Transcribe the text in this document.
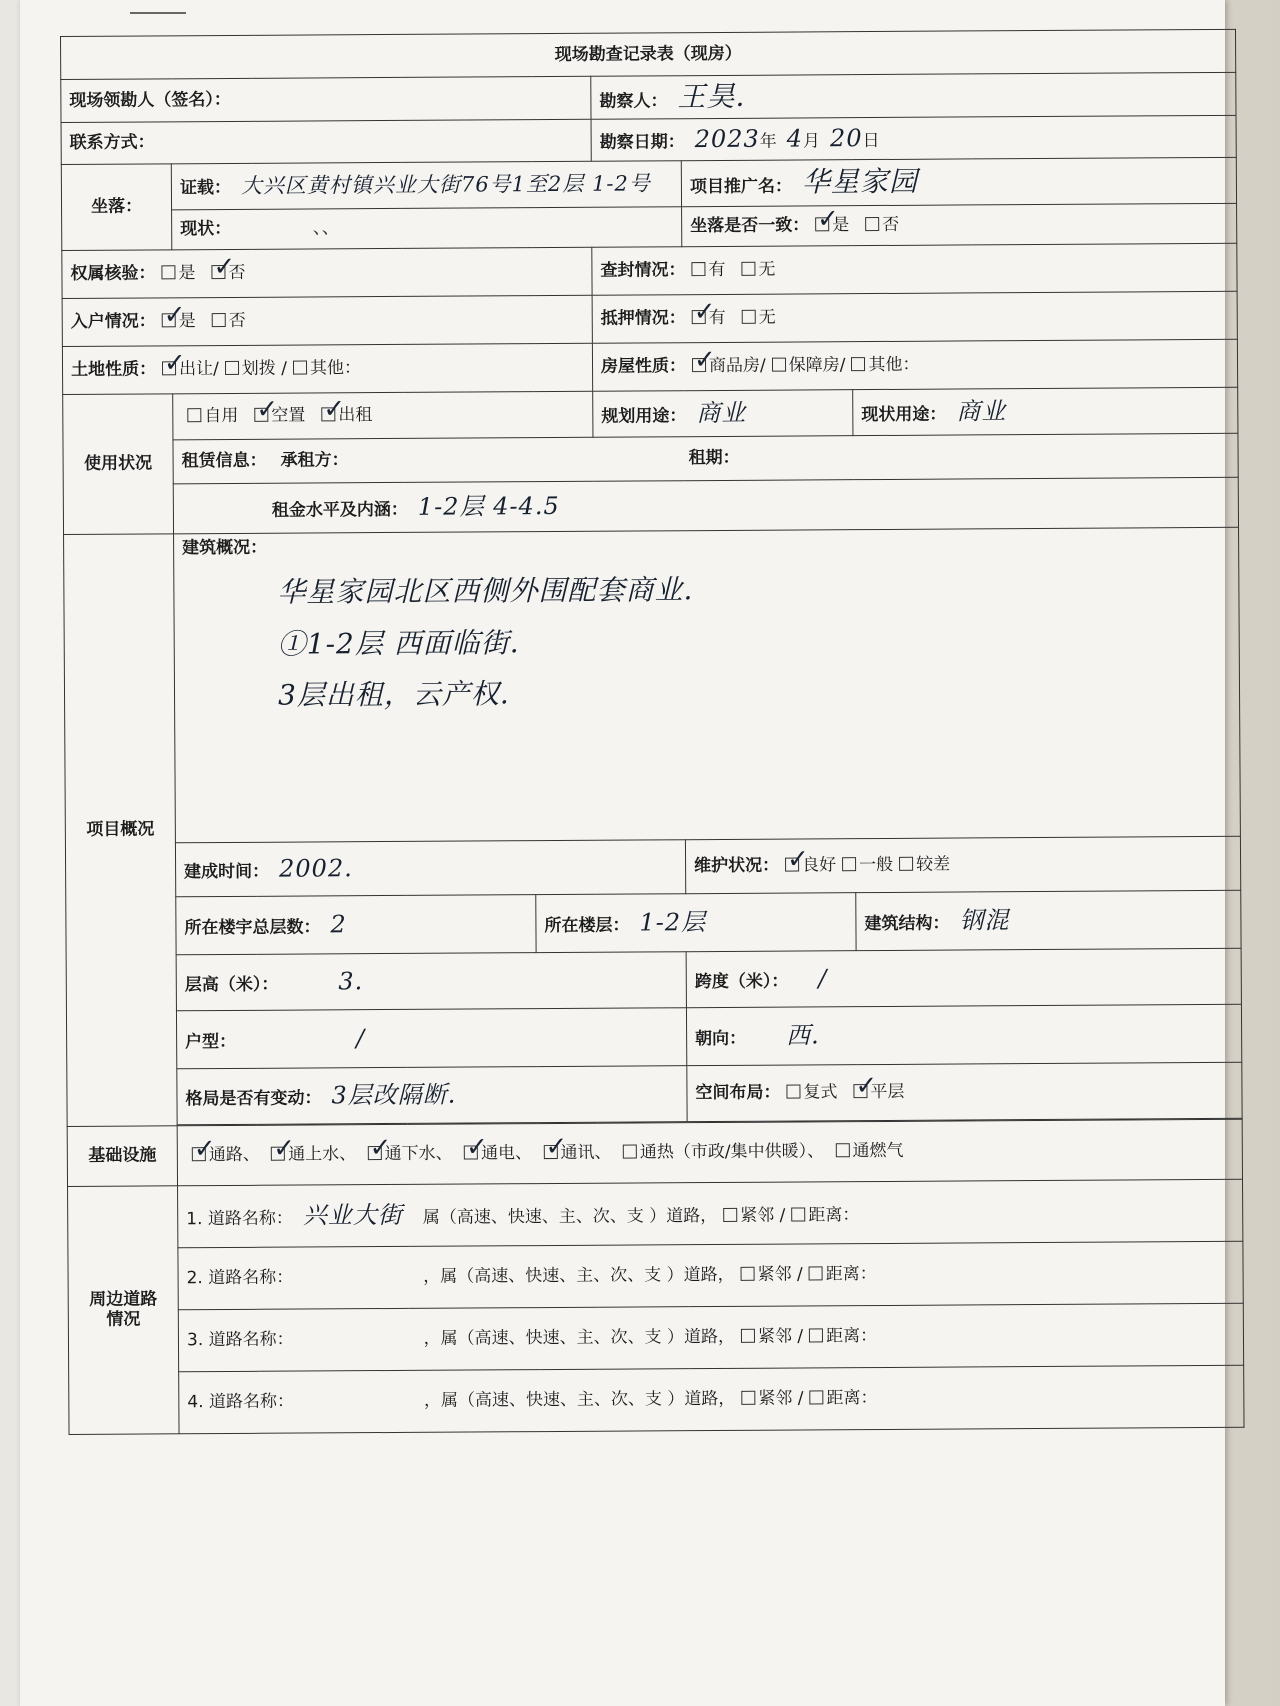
现场勘查记录表（现房）					
现场领勘人（签名）：			勘察人： 王昊.		
联系方式：			勘察日期： 2023年 4月 20日		
坐落：	证载： 大兴区黄村镇兴业大街76号1至2层 1-2号			项目推广名： 华星家园	
	现状： 、、			坐落是否一致： ✓ 是 否
权属核验： 是 ✓ 否			查封情况： 有 无		
入户情况： ✓ 是 否			抵押情况： ✓ 有 无
土地性质： ✓ 出让/ 划拨 / 其他：			房屋性质： ✓ 商品房/ 保障房/ 其他：
使用状况	自用 ✓ 空置 ✓ 出租		规划用途： 商业		现状用途： 商业
	租赁信息： 承租方： 租期：				
	租金水平及内涵： 1-2层 4-4.5				
项目概况	建筑概况：
华星家园北区西侧外围配套商业.
①1-2层 西面临街.
3层出租，云产权.				

	建成时间： 2002.			维护状况： ✓ 良好 一般 较差
	所在楼宇总层数： 2	所在楼层： 1-2层			建筑结构： 钢混
	层高（米）： 3.			跨度（米）： /	
	户型： /			朝向： 西.	
	格局是否有变动： 3层改隔断.			空间布局： 复式 ✓ 平层

基础设施	✓通路、 ✓ 通上水、 ✓ 通下水、 ✓ 通电、 ✓ 通讯、 通热（市政/集中供暖）、 通燃气
周边道路
情况	1. 道路名称： 兴业大街 属（高速、快速、主、次、支 ）道路， 紧邻 / 距离：				
	2. 道路名称： ，属（高速、快速、主、次、支 ）道路， 紧邻 / 距离：				
	3. 道路名称： ，属（高速、快速、主、次、支 ）道路， 紧邻 / 距离：				
	4. 道路名称： ，属（高速、快速、主、次、支 ）道路， 紧邻 / 距离：				
